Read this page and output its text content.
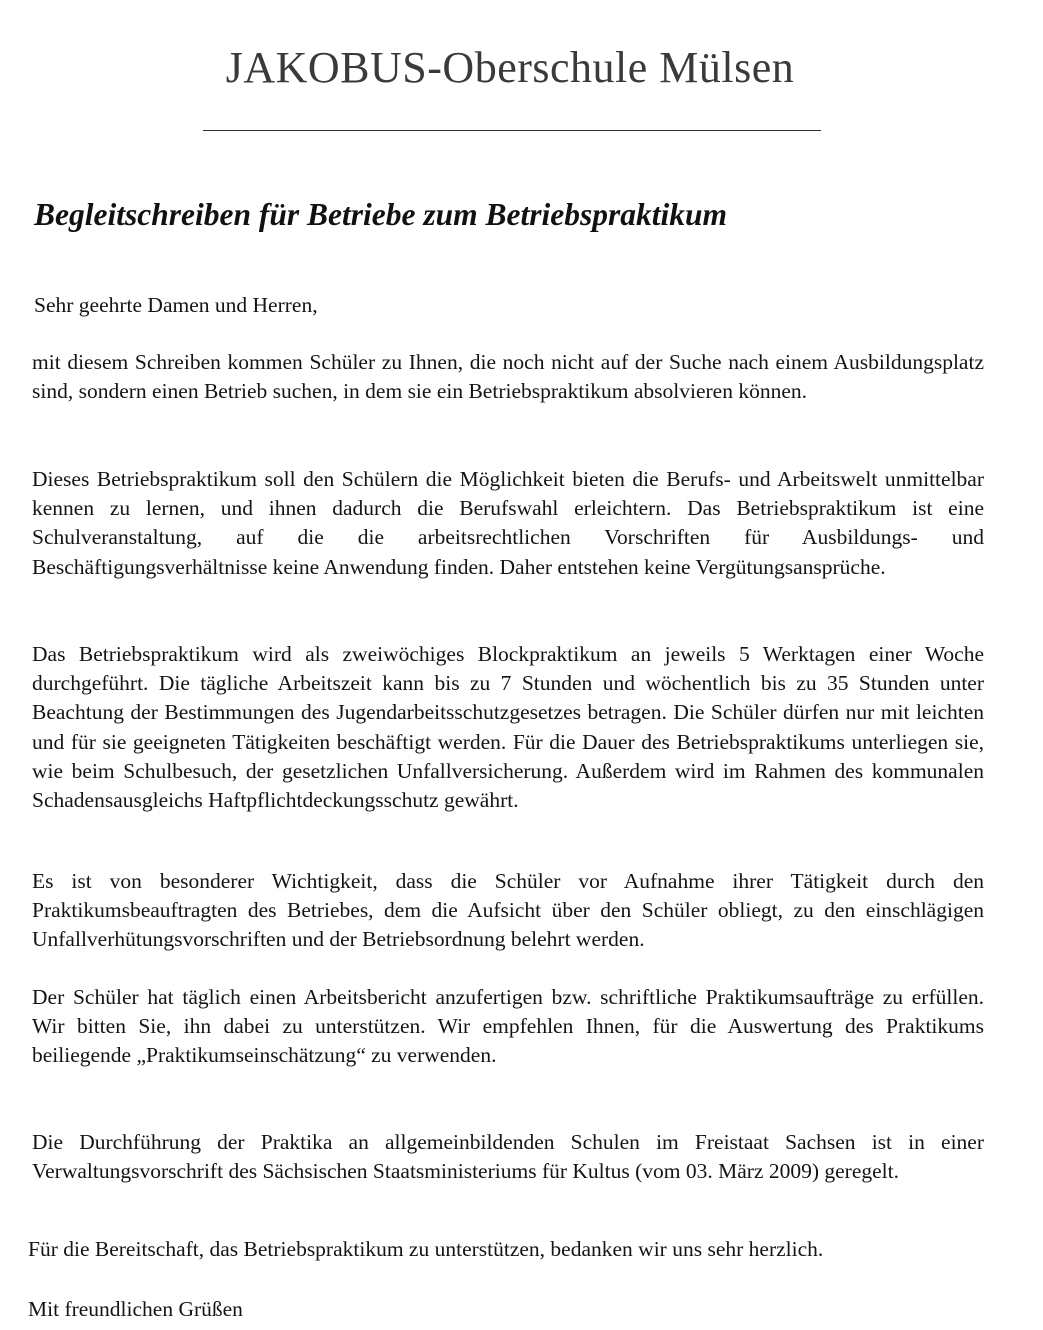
JAKOBUS-Oberschule Mülsen
Begleitschreiben für Betriebe zum Betriebspraktikum
Sehr geehrte Damen und Herren,
mit diesem Schreiben kommen Schüler zu Ihnen, die noch nicht auf der Suche nach einem Ausbildungsplatz sind, sondern einen Betrieb suchen, in dem sie ein Betriebspraktikum absolvieren können.
Dieses Betriebspraktikum soll den Schülern die Möglichkeit bieten die Berufs- und Arbeitswelt unmittelbar kennen zu lernen, und ihnen dadurch die Berufswahl erleichtern. Das Betriebspraktikum ist eine Schulveranstaltung, auf die die arbeitsrechtlichen Vorschriften für Ausbildungs- und Beschäftigungsverhältnisse keine Anwendung finden. Daher entstehen keine Vergütungsansprüche.
Das Betriebspraktikum wird als zweiwöchiges Blockpraktikum an jeweils 5 Werktagen einer Woche durchgeführt. Die tägliche Arbeitszeit kann bis zu 7 Stunden und wöchentlich bis zu 35 Stunden unter Beachtung der Bestimmungen des Jugendarbeitsschutzgesetzes betragen. Die Schüler dürfen nur mit leichten und für sie geeigneten Tätigkeiten beschäftigt werden. Für die Dauer des Betriebspraktikums unterliegen sie, wie beim Schulbesuch, der gesetzlichen Unfallversicherung. Außerdem wird im Rahmen des kommunalen Schadensausgleichs Haftpflichtdeckungsschutz gewährt.
Es ist von besonderer Wichtigkeit, dass die Schüler vor Aufnahme ihrer Tätigkeit durch den Praktikumsbeauftragten des Betriebes, dem die Aufsicht über den Schüler obliegt, zu den einschlägigen Unfallverhütungsvorschriften und der Betriebsordnung belehrt werden.
Der Schüler hat täglich einen Arbeitsbericht anzufertigen bzw. schriftliche Praktikumsaufträge zu erfüllen. Wir bitten Sie, ihn dabei zu unterstützen. Wir empfehlen Ihnen, für die Auswertung des Praktikums beiliegende „Praktikumseinschätzung“ zu verwenden.
Die Durchführung der Praktika an allgemeinbildenden Schulen im Freistaat Sachsen ist in einer Verwaltungsvorschrift des Sächsischen Staatsministeriums für Kultus (vom 03. März 2009) geregelt.
Für die Bereitschaft, das Betriebspraktikum zu unterstützen, bedanken wir uns sehr herzlich.
Mit freundlichen Grüßen
